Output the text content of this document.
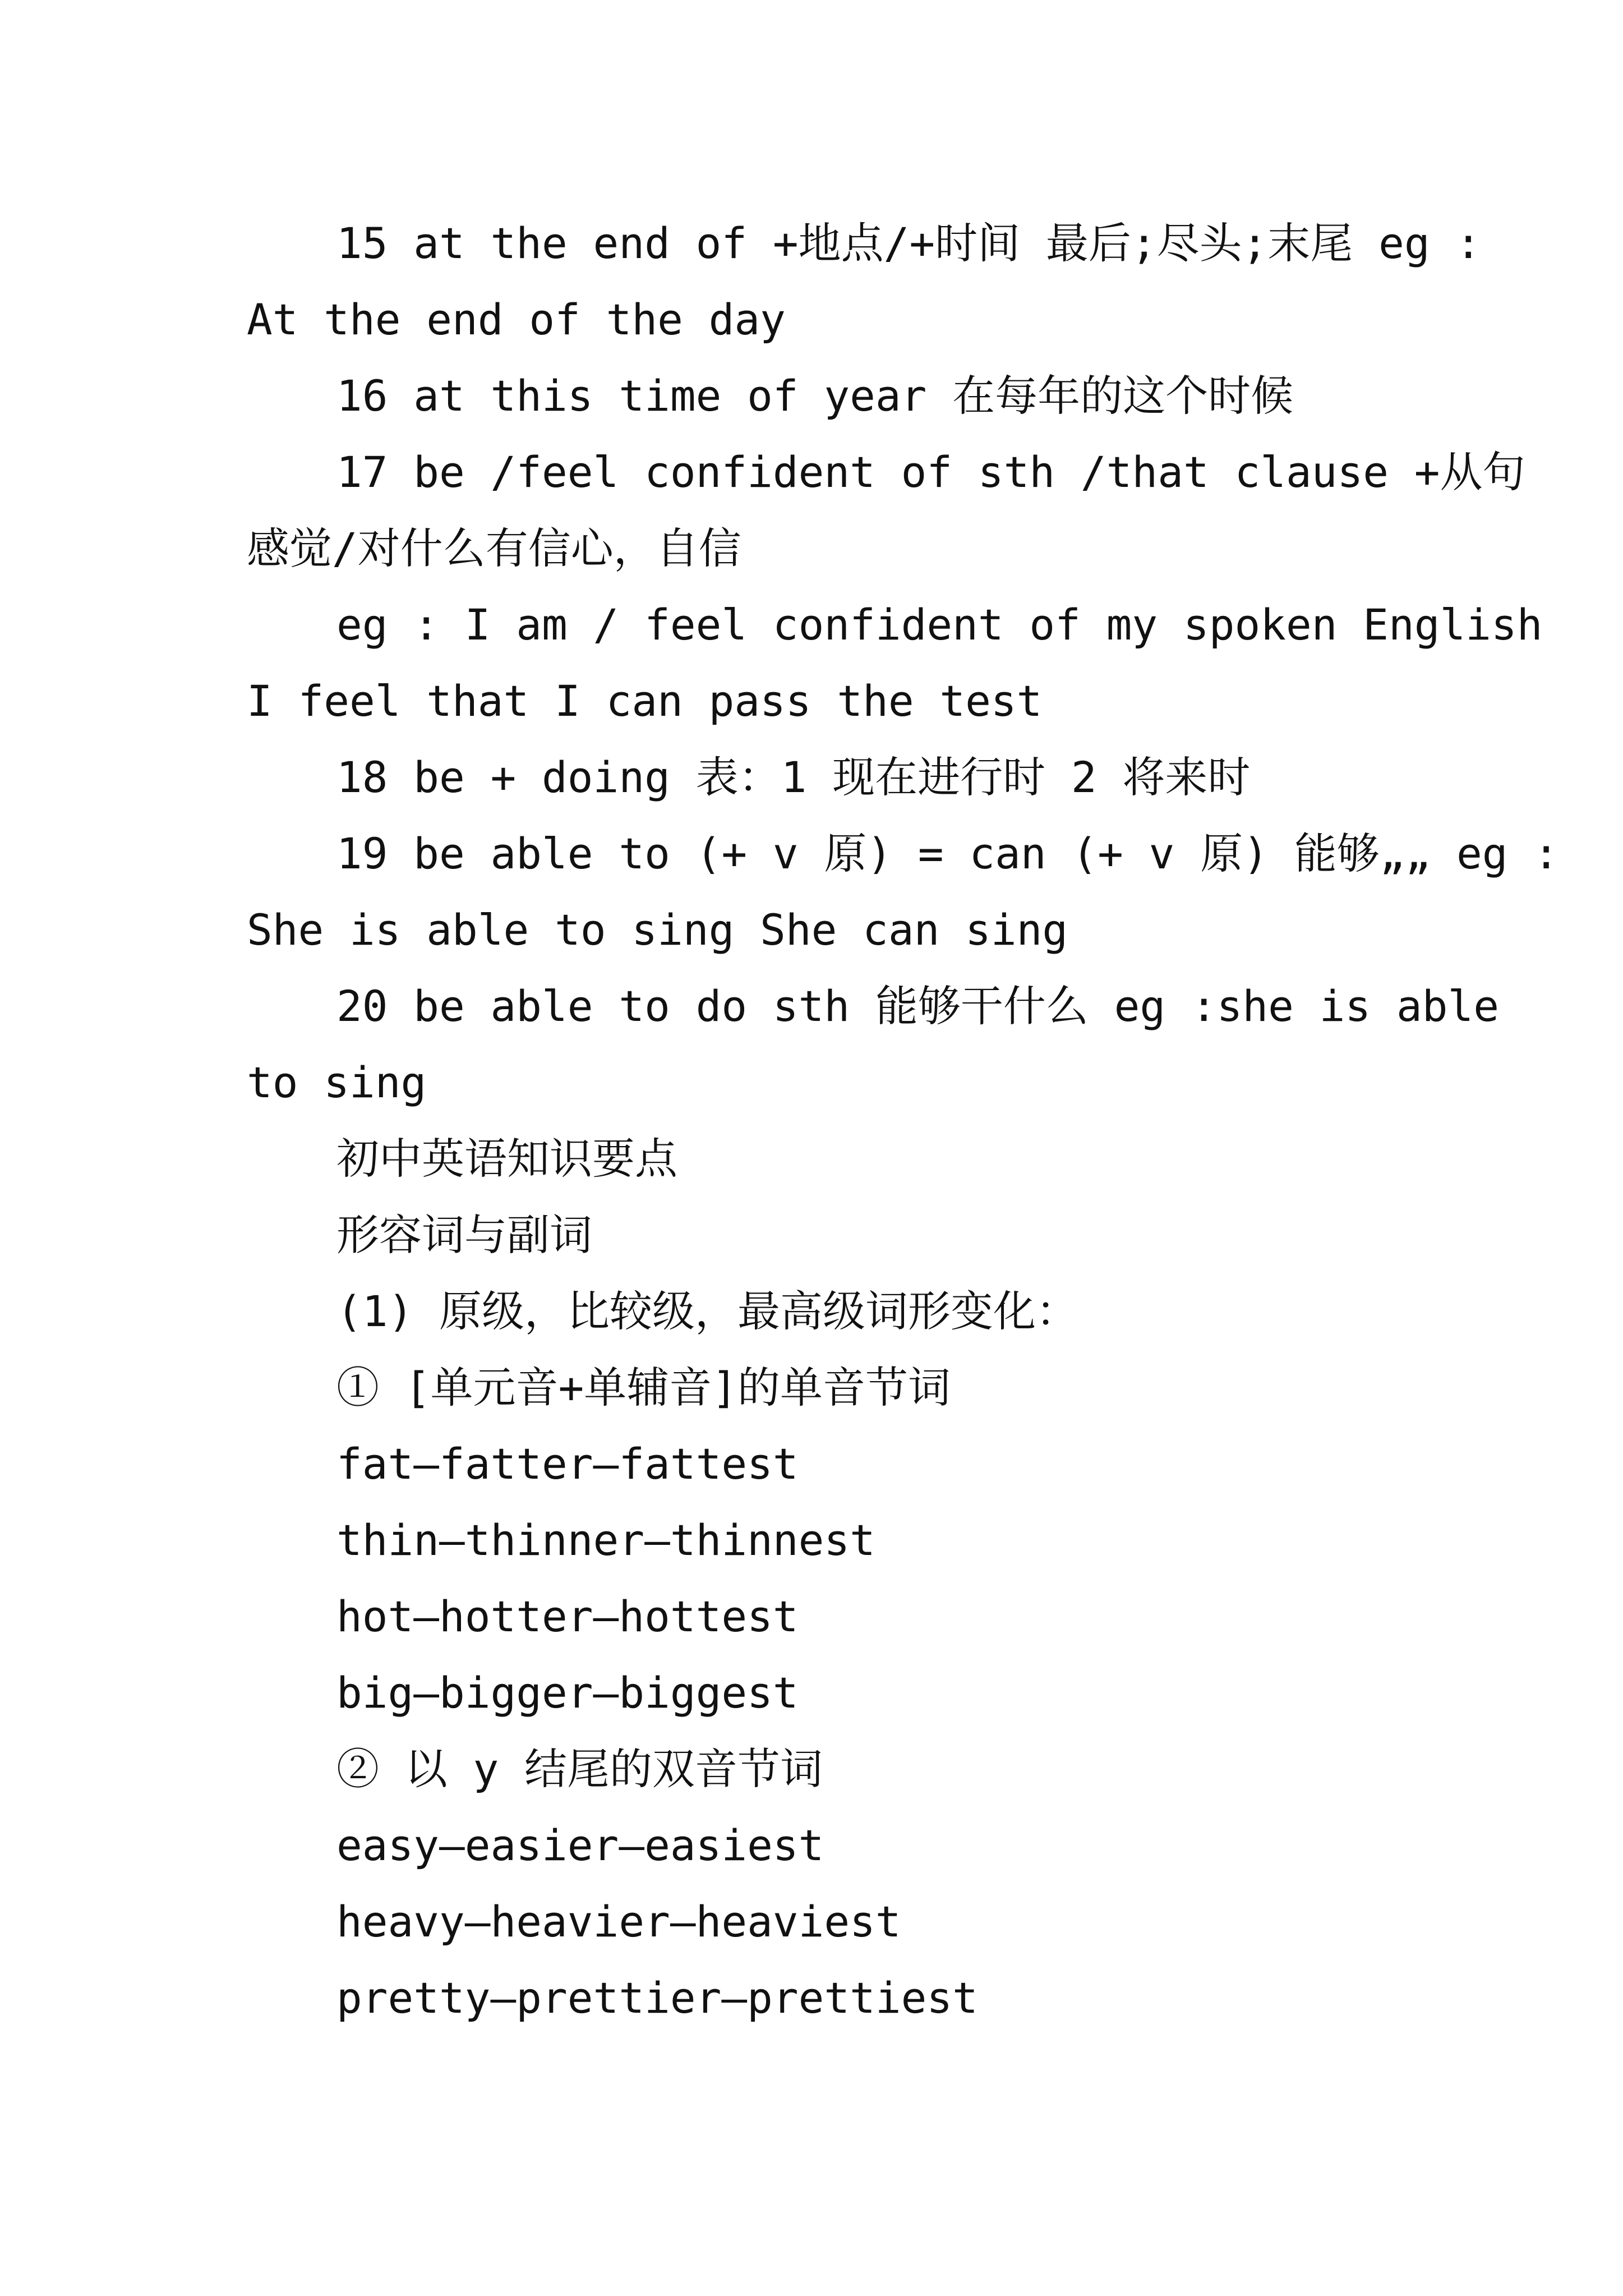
15 at the end of +地点/+时间 最后;尽头;末尾 eg :
At the end of the day
16 at this time of year 在每年的这个时候
17 be /feel confident of sth /that clause +从句
感觉/对什么有信心，自信
eg : I am / feel confident of my spoken English
I feel that I can pass the test
18 be + doing 表：1 现在进行时 2 将来时
19 be able to (+ v 原) = can (+ v 原) 能够„„ eg :
She is able to sing She can sing
20 be able to do sth 能够干什么 eg :she is able
to sing
初中英语知识要点
形容词与副词
(1) 原级，比较级，最高级词形变化：
① [单元音+单辅音]的单音节词
fat—fatter—fattest
thin—thinner—thinnest
hot—hotter—hottest
big—bigger—biggest
② 以 y 结尾的双音节词
easy—easier—easiest
heavy—heavier—heaviest
pretty—prettier—prettiest
